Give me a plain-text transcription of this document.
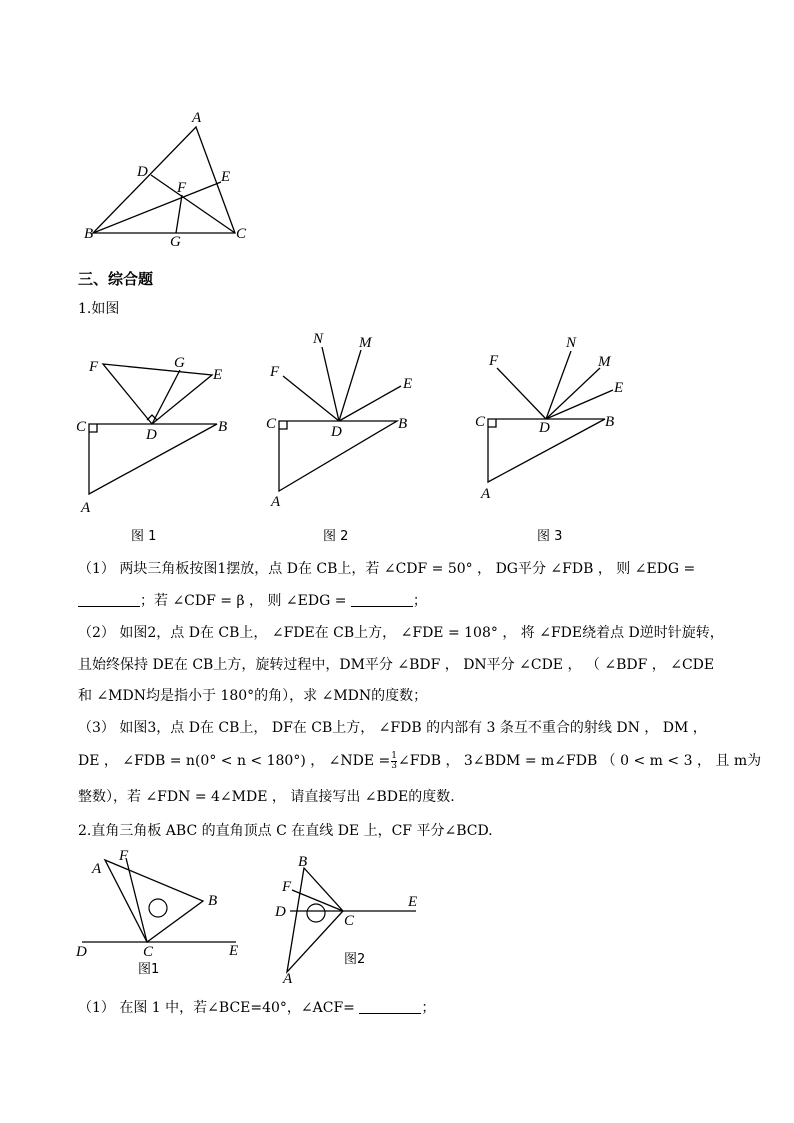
A
D	E
F
B	C
G
三、综合题
1.如图
F	G
E
C	D	B
A
图 1
N M
F
E
C	D	B
A
图 2
F
N
M
E
C	D	B
A
图 3
（1） 两块三角板按图1摆放，点 D在 CB上，若 ∠CDF = 50° ， DG平分 ∠FDB ， 则 ∠EDG =
；若 ∠CDF = β ， 则 ∠EDG =	；
（2） 如图2，点 D在 CB上， ∠FDE在 CB上方， ∠FDE = 108° ， 将 ∠FDE绕着点 D逆时针旋转，
且始终保持 DE在 CB上方，旋转过程中，DM平分 ∠BDF ， DN平分 ∠CDE ， （ ∠BDF ， ∠CDE
和 ∠MDN均是指小于 180°的角），求 ∠MDN的度数；
（3） 如图3，点 D在 CB上， DF在 CB上方， ∠FDB 的内部有 3 条互不重合的射线 DN ， DM ，
DE ， ∠FDB = n(0° < n < 180°) ， ∠NDE = $\frac{1}{3}\angle FDB$ ， 3∠BDM = m∠FDB （ 0 < m < 3 ， 且 m为
整数），若 ∠FDN = 4∠MDE ， 请直接写出 ∠BDE的度数.
2.直角三角板 ABC 的直角顶点 C 在直线 DE 上，CF 平分∠BCD.
A
F
B
D	C	E
图1
B
F
D
C
E
A
图2
（1） 在图 1 中，若∠BCE=40°，∠ACF=	；
